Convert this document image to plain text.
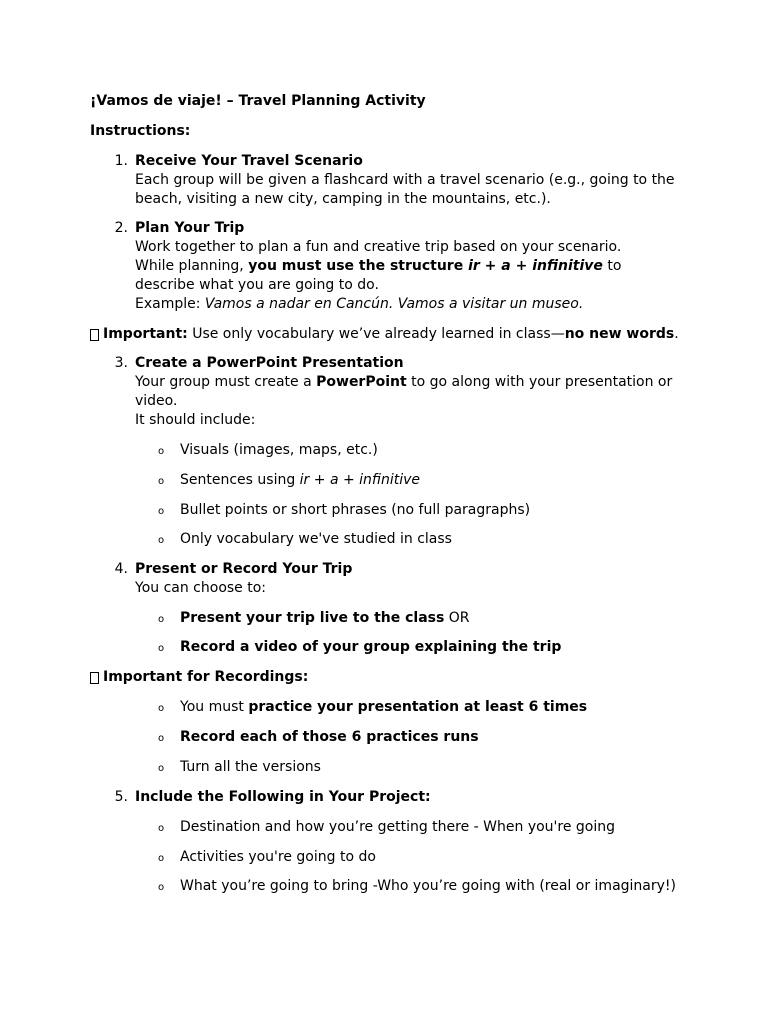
¡Vamos de viaje! – Travel Planning Activity
Instructions:
1. Receive Your Travel Scenario
Each group will be given a flashcard with a travel scenario (e.g., going to the
beach, visiting a new city, camping in the mountains, etc.).
2. Plan Your Trip
Work together to plan a fun and creative trip based on your scenario.
While planning, you must use the structure ir + a + infinitive to
describe what you are going to do.
Example: Vamos a nadar en Cancún. Vamos a visitar un museo.
Important: Use only vocabulary we’ve already learned in class—no new words.
3. Create a PowerPoint Presentation
Your group must create a PowerPoint to go along with your presentation or
video.
It should include:
o Visuals (images, maps, etc.)
o Sentences using ir + a + infinitive
o Bullet points or short phrases (no full paragraphs)
o Only vocabulary we've studied in class
4. Present or Record Your Trip
You can choose to:
o Present your trip live to the class OR
o Record a video of your group explaining the trip
Important for Recordings:
o You must practice your presentation at least 6 times
o Record each of those 6 practices runs
o Turn all the versions
5. Include the Following in Your Project:
o Destination and how you’re getting there - When you're going
o Activities you're going to do
o What you’re going to bring -Who you’re going with (real or imaginary!)
